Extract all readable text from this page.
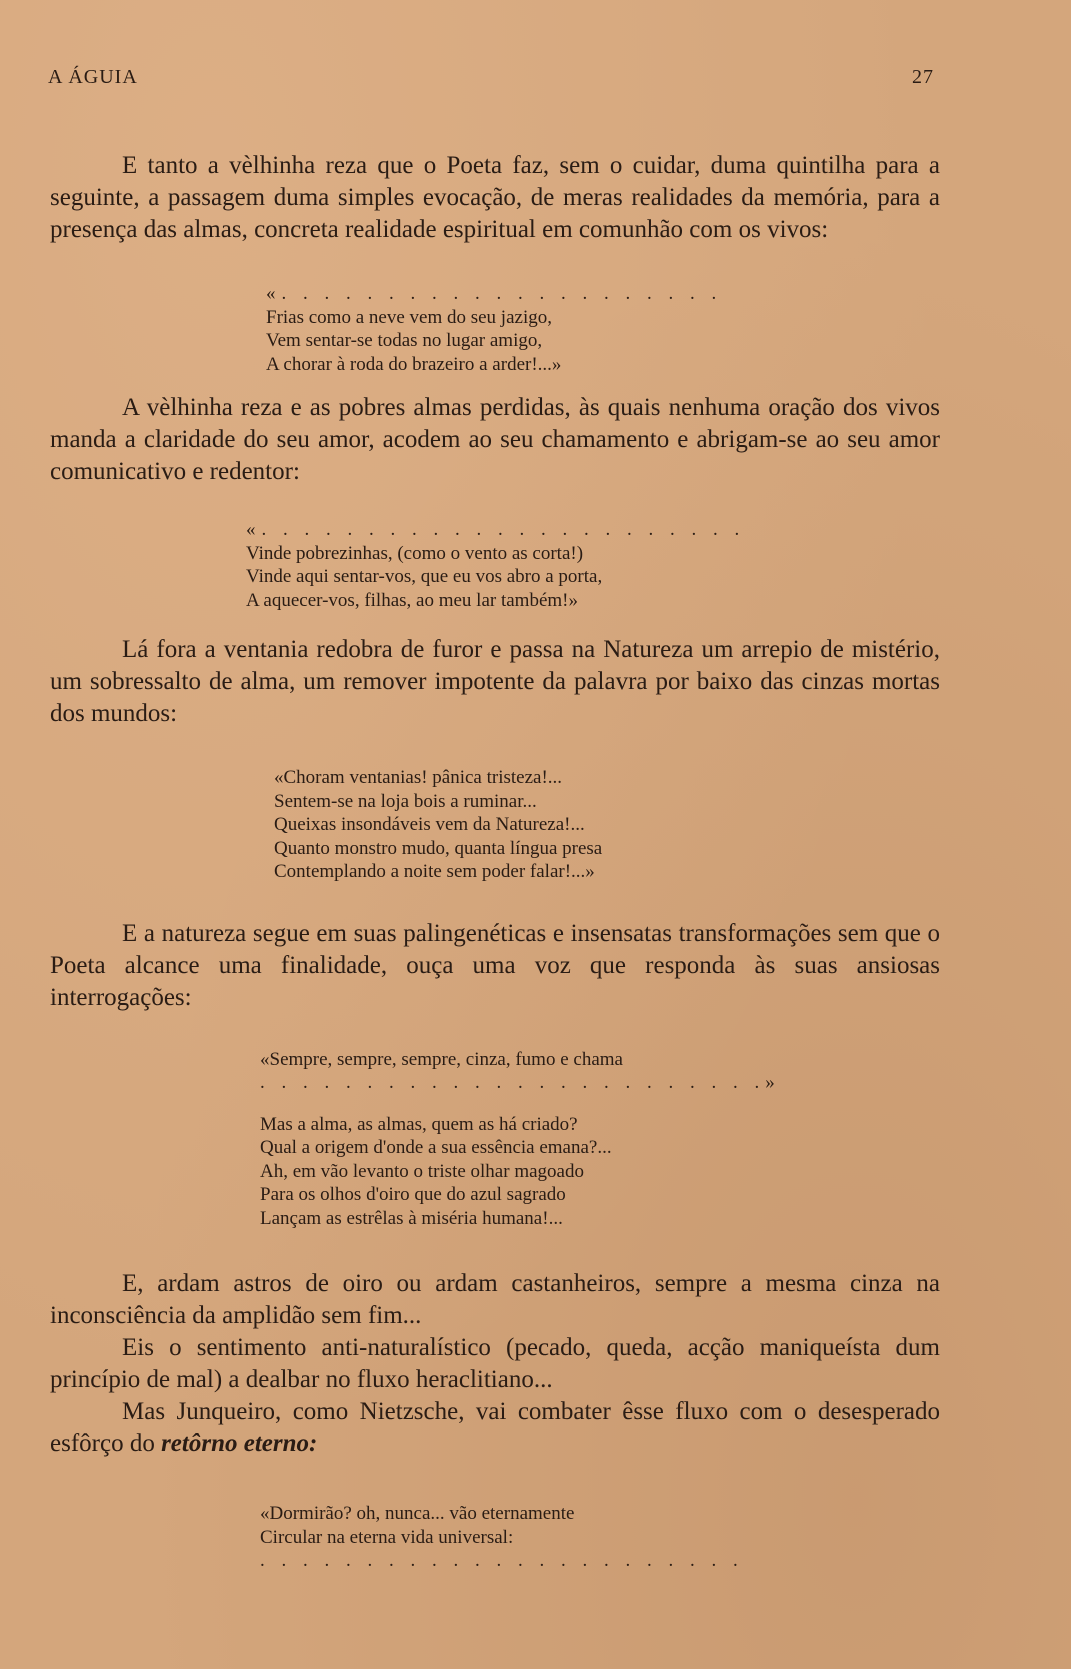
A ÁGUIA	27

E tanto a vèlhinha reza que o Poeta faz, sem o cuidar, duma quintilha para a seguinte, a passagem duma simples evocação, de meras realidades da memória, para a presença das almas, concreta realidade espiritual em comunhão com os vivos:

«. . . . . . . . . . . . . . . . . . . . .

Frias como a neve vem do seu jazigo,

Vem sentar-se todas no lugar amigo,

A chorar à roda do brazeiro a arder!...»

A vèlhinha reza e as pobres almas perdidas, às quais nenhuma oração dos vivos manda a claridade do seu amor, acodem ao seu chamamento e abrigam-se ao seu amor comunicativo e redentor:

«. . . . . . . . . . . . . . . . . . . . . . .

Vinde pobrezinhas, (como o vento as corta!)

Vinde aqui sentar-vos, que eu vos abro a porta,

A aquecer-vos, filhas, ao meu lar também!»

Lá fora a ventania redobra de furor e passa na Natureza um arrepio de mistério, um sobressalto de alma, um remover impotente da palavra por baixo das cinzas mortas dos mundos:

«Choram ventanias! pânica tristeza!...

Sentem-se na loja bois a ruminar...

Queixas insondáveis vem da Natureza!...

Quanto monstro mudo, quanta língua presa

Contemplando a noite sem poder falar!...»

E a natureza segue em suas palingenéticas e insensatas transformações sem que o Poeta alcance uma finalidade, ouça uma voz que responda às suas ansiosas interrogações:

«Sempre, sempre, sempre, cinza, fumo e chama

. . . . . . . . . . . . . . . . . . . . . . . .»

Mas a alma, as almas, quem as há criado?

Qual a origem d'onde a sua essência emana?...

Ah, em vão levanto o triste olhar magoado

Para os olhos d'oiro que do azul sagrado

Lançam as estrêlas à miséria humana!...

E, ardam astros de oiro ou ardam castanheiros, sempre a mesma cinza na inconsciência da amplidão sem fim...

Eis o sentimento anti-naturalístico (pecado, queda, acção maniqueísta dum princípio de mal) a dealbar no fluxo heraclitiano...

Mas Junqueiro, como Nietzsche, vai combater êsse fluxo com o desesperado esfôrço do retôrno eterno:

«Dormirão? oh, nunca... vão eternamente

Circular na eterna vida universal:

. . . . . . . . . . . . . . . . . . . . . . .
